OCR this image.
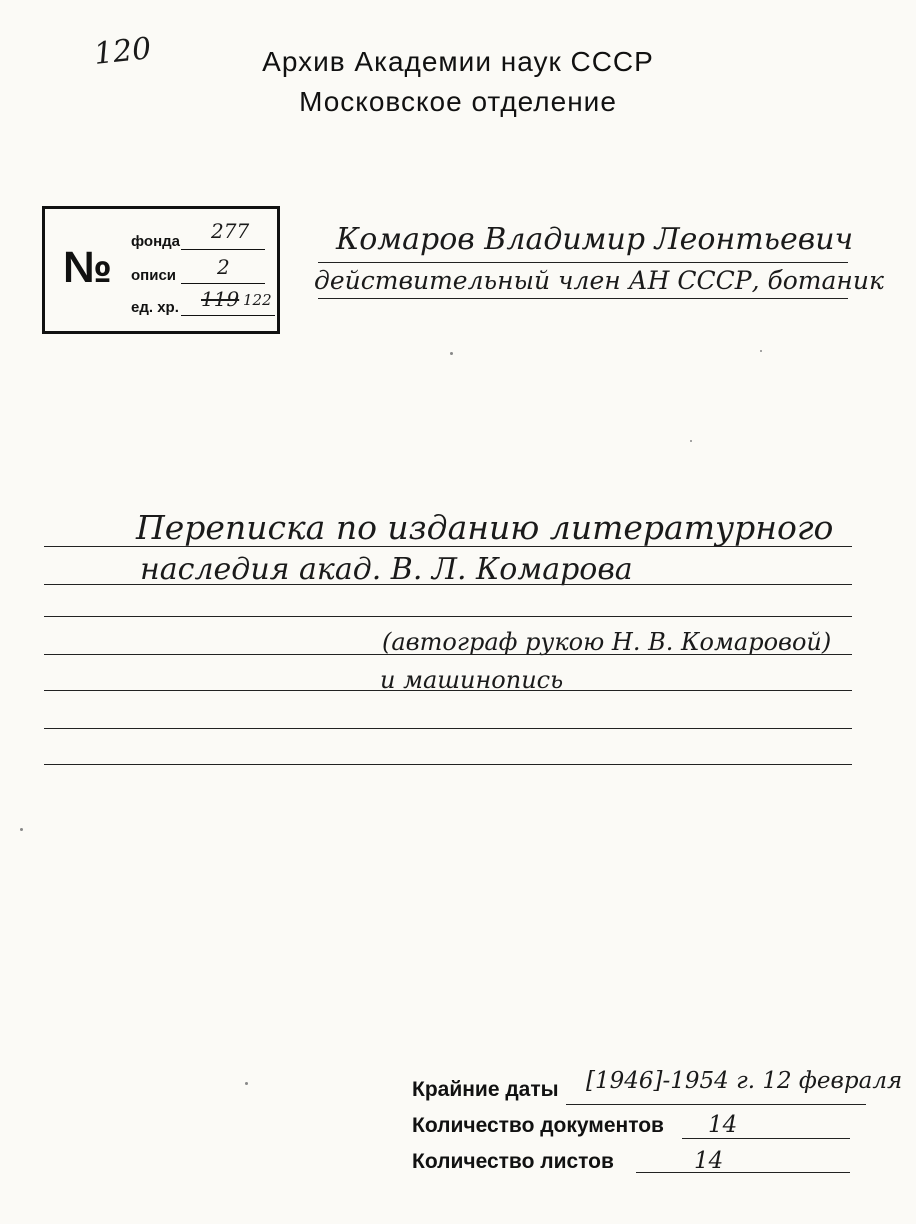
120	Архив Академии наук СССР
Московское отделение
№
фонда 277
описи 2
ед. хр. 119 122
Комаров Владимир Леонтьевич
действительный член АН СССР, ботаник
Переписка по изданию литературного
наследия акад. В. Л. Комарова
(автограф рукою Н. В. Комаровой)
и машинопись
Крайние даты [1946]-1954 г. 12 февраля
Количество документов 14
Количество листов	14
